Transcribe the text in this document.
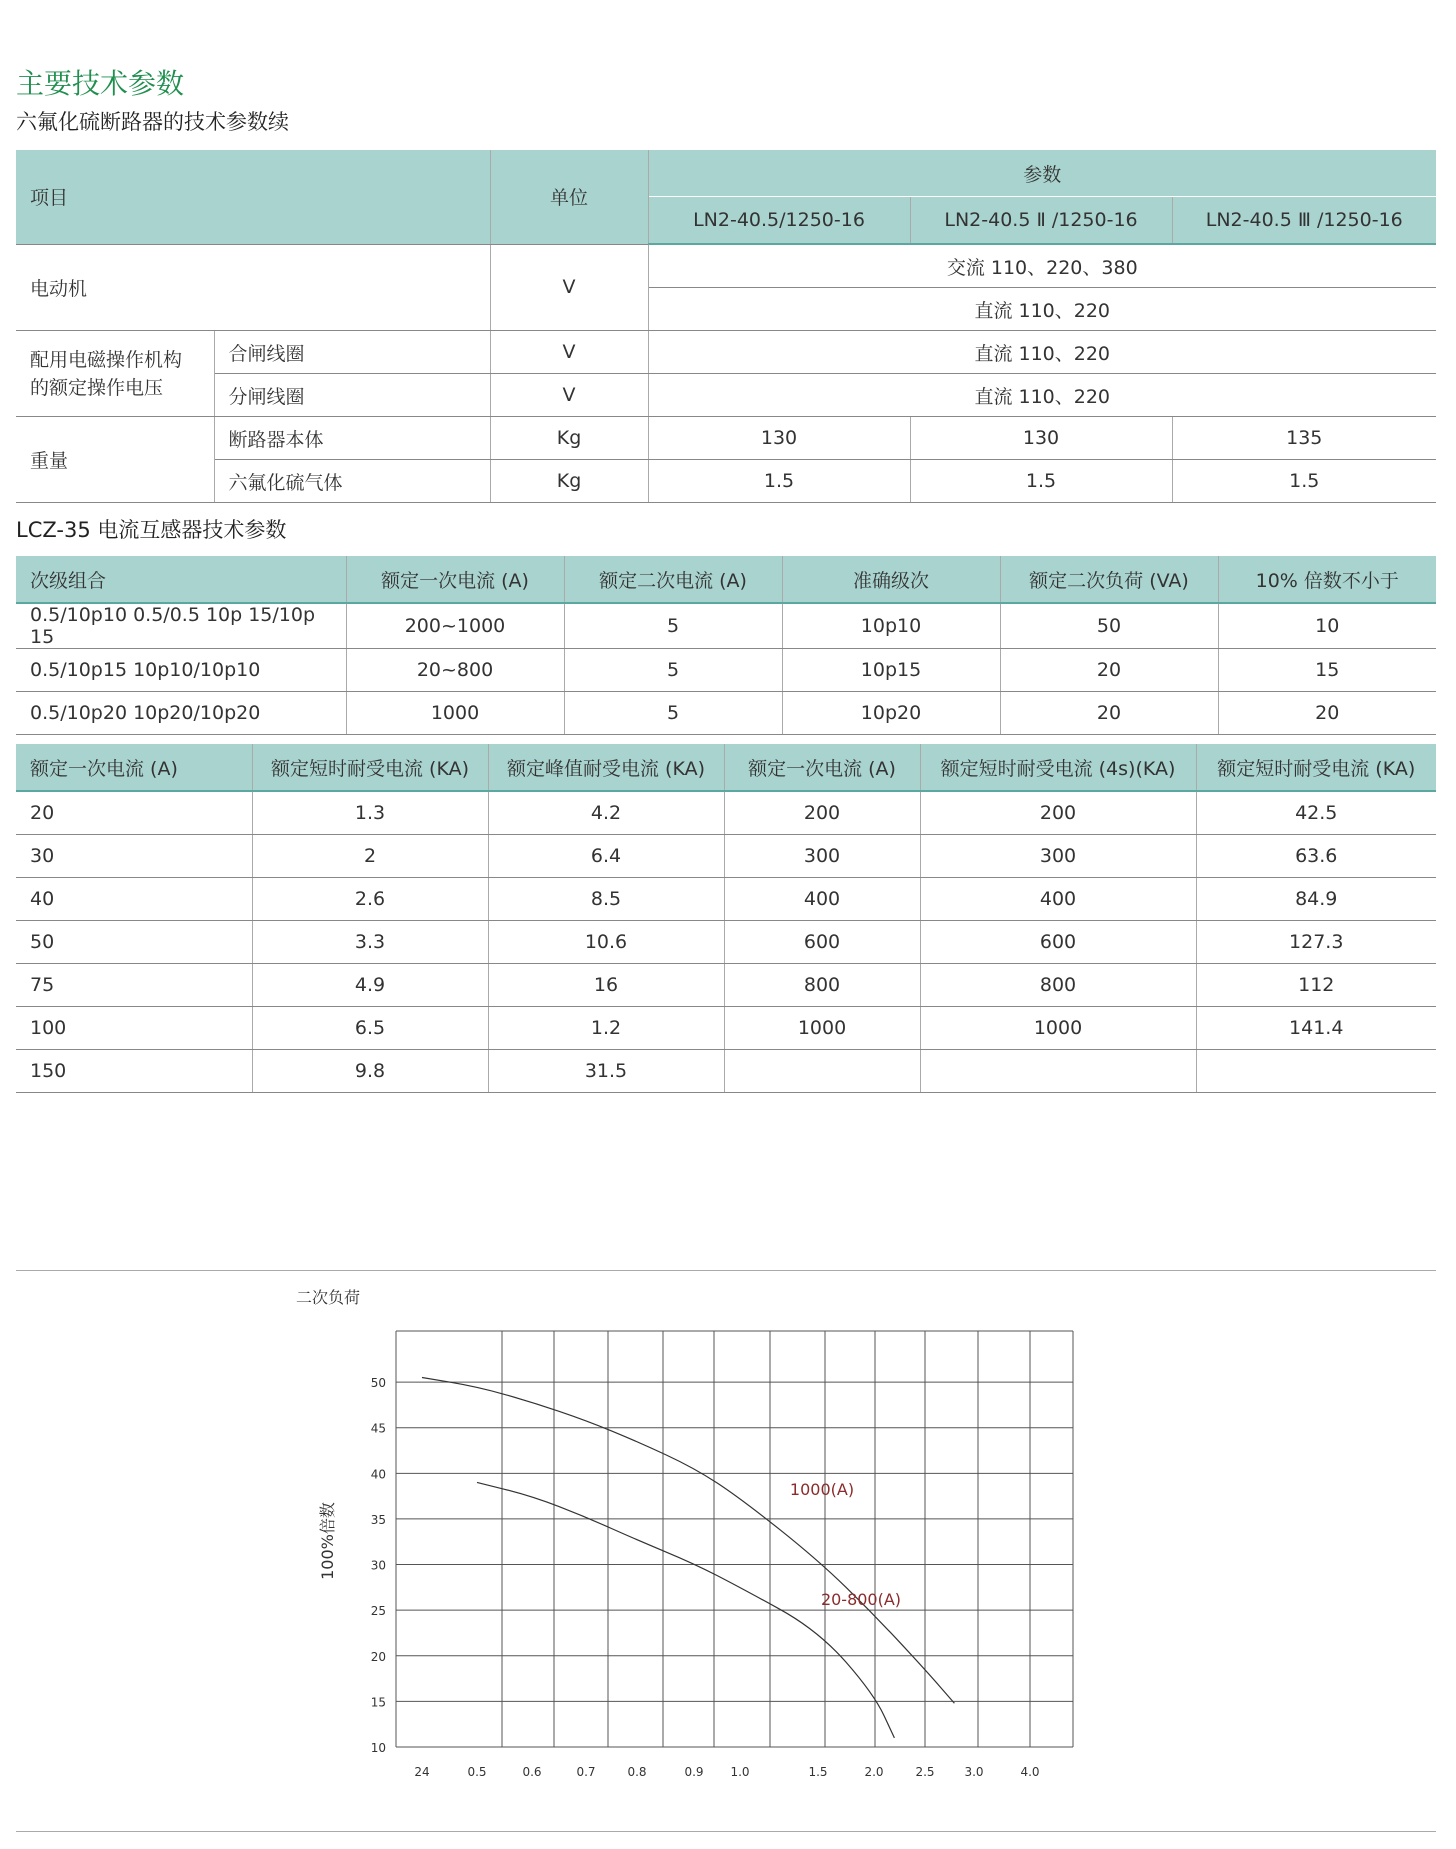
主要技术参数
六氟化硫断路器的技术参数续
项目		单位	参数		
			LN2-40.5/1250-16	LN2-40.5 Ⅱ /1250-16	LN2-40.5 Ⅲ /1250-16
电动机		V	交流 110、220、380		
			直流 110、220		
配用电磁操作机构的额定操作电压	合闸线圈	V	直流 110、220		
	分闸线圈	V	直流 110、220		
重量	断路器本体	Kg	130	130	135
	六氟化硫气体	Kg	1.5	1.5	1.5
LCZ-35 电流互感器技术参数
次级组合	额定一次电流 (A)	额定二次电流 (A)	准确级次	额定二次负荷 (VA)	10% 倍数不小于
0.5/10p10 0.5/0.5 10p 15/10p 15	200~1000	5	10p10	50	10
0.5/10p15 10p10/10p10	20~800	5	10p15	20	15
0.5/10p20 10p20/10p20	1000	5	10p20	20	20
额定一次电流 (A)	额定短时耐受电流 (KA)	额定峰值耐受电流 (KA)	额定一次电流 (A)	额定短时耐受电流 (4s)(KA)	额定短时耐受电流 (KA)
20	1.3	4.2	200	200	42.5
30	2	6.4	300	300	63.6
40	2.6	8.5	400	400	84.9
50	3.3	10.6	600	600	127.3
75	4.9	16	800	800	112
100	6.5	1.2	1000	1000	141.4
150	9.8	31.5			
二次负荷
100%倍数
10
15
20
25
30
35
40
45
50
24	0.5	0.6	0.7	0.8	0.9 1.0	1.5	2.0	2.5 3.0	4.0
1000(A)
20-800(A)
